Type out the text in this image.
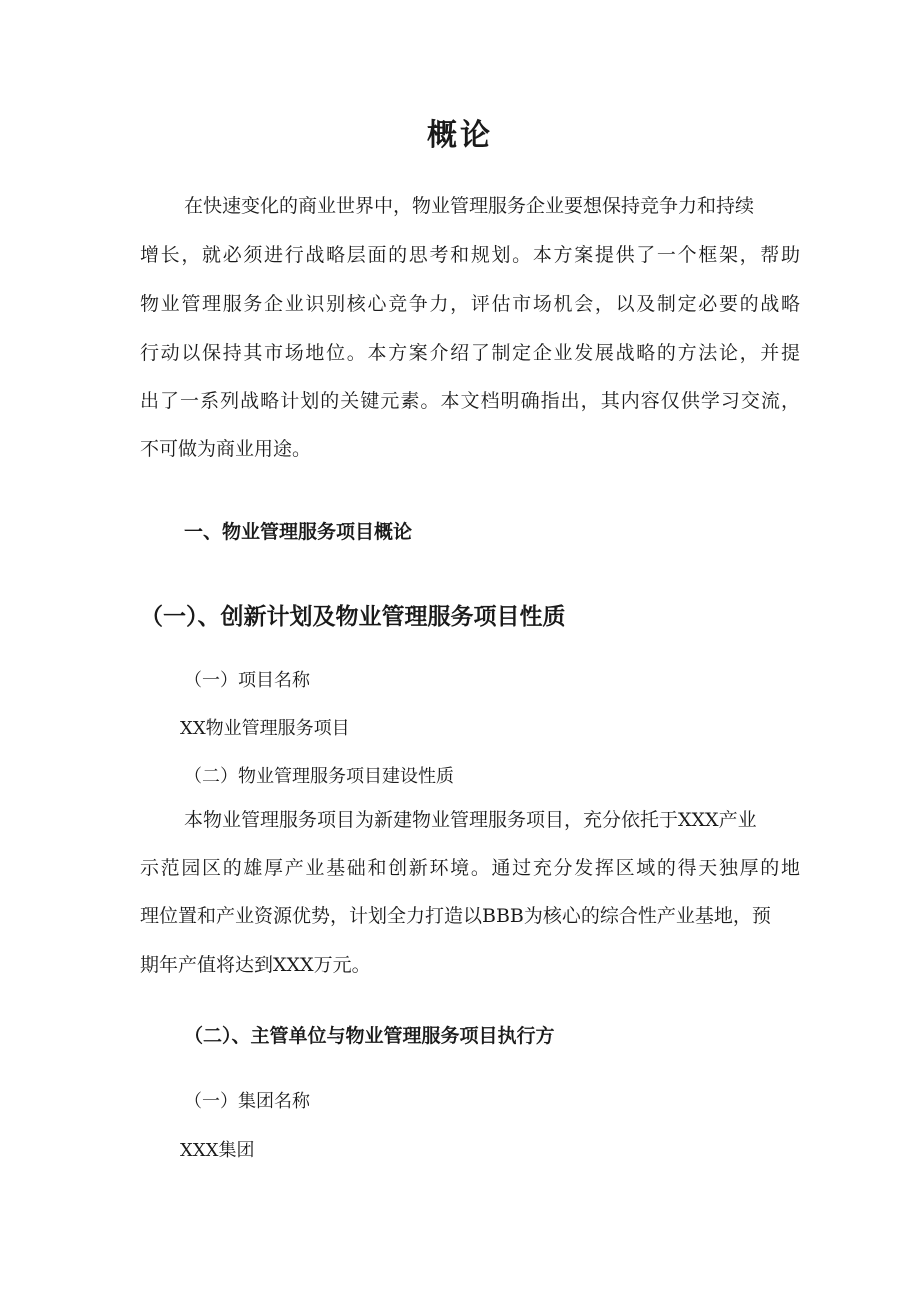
概论

在快速变化的商业世界中，物业管理服务企业要想保持竞争力和持续

增长，就必须进行战略层面的思考和规划。本方案提供了一个框架，帮助

物业管理服务企业识别核心竞争力，评估市场机会，以及制定必要的战略

行动以保持其市场地位。本方案介绍了制定企业发展战略的方法论，并提

出了一系列战略计划的关键元素。本文档明确指出，其内容仅供学习交流，

不可做为商业用途。

一、物业管理服务项目概论
（一）、创新计划及物业管理服务项目性质

（一）项目名称

XX物业管理服务项目

（二）物业管理服务项目建设性质

本物业管理服务项目为新建物业管理服务项目，充分依托于XXX产业

示范园区的雄厚产业基础和创新环境。通过充分发挥区域的得天独厚的地

理位置和产业资源优势，计划全力打造以BBB为核心的综合性产业基地，预

期年产值将达到XXX万元。

（二）、主管单位与物业管理服务项目执行方

（一）集团名称

XXX集团
